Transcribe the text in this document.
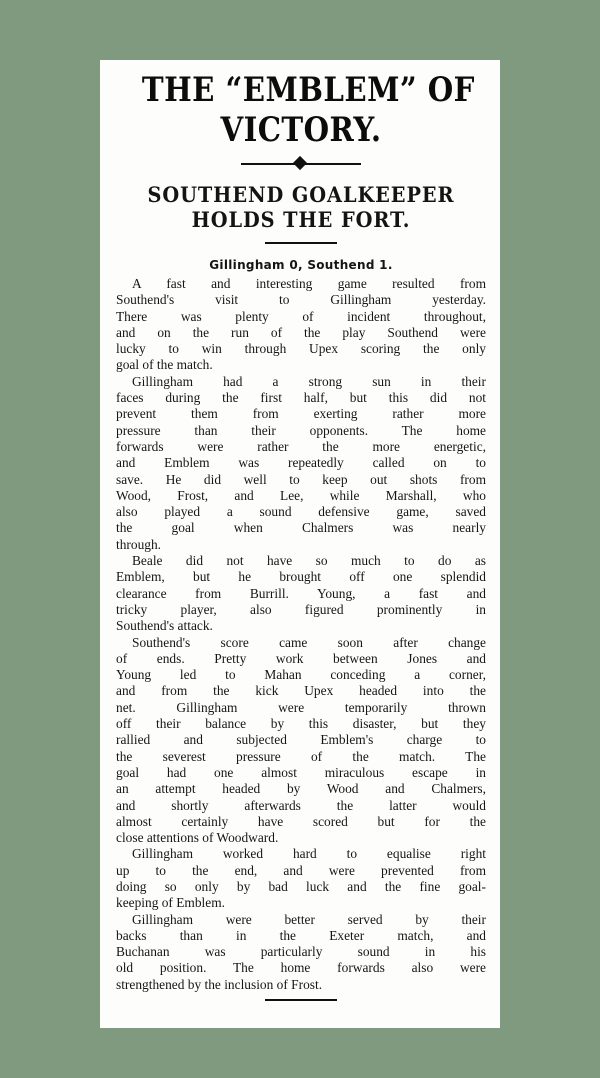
THE “EMBLEM” OF
VICTORY.
SOUTHEND GOALKEEPER
HOLDS THE FORT.
Gillingham 0, Southend 1.

A fast and interesting game resulted from
Southend's visit to Gillingham yesterday.
There was plenty of incident throughout,
and on the run of the play Southend were
lucky to win through Upex scoring the only
goal of the match.

Gillingham had a strong sun in their
faces during the first half, but this did not
prevent them from exerting rather more
pressure than their opponents. The home
forwards were rather the more energetic,
and Emblem was repeatedly called on to
save. He did well to keep out shots from
Wood, Frost, and Lee, while Marshall, who
also played a sound defensive game, saved
the goal when Chalmers was nearly
through.

Beale did not have so much to do as
Emblem, but he brought off one splendid
clearance from Burrill. Young, a fast and
tricky player, also figured prominently in
Southend's attack.

Southend's score came soon after change
of ends. Pretty work between Jones and
Young led to Mahan conceding a corner,
and from the kick Upex headed into the
net. Gillingham were temporarily thrown
off their balance by this disaster, but they
rallied and subjected Emblem's charge to
the severest pressure of the match. The
goal had one almost miraculous escape in
an attempt headed by Wood and Chalmers,
and shortly afterwards the latter would
almost certainly have scored but for the
close attentions of Woodward.

Gillingham worked hard to equalise right
up to the end, and were prevented from
doing so only by bad luck and the fine goal-
keeping of Emblem.

Gillingham were better served by their
backs than in the Exeter match, and
Buchanan was particularly sound in his
old position. The home forwards also were
strengthened by the inclusion of Frost.
